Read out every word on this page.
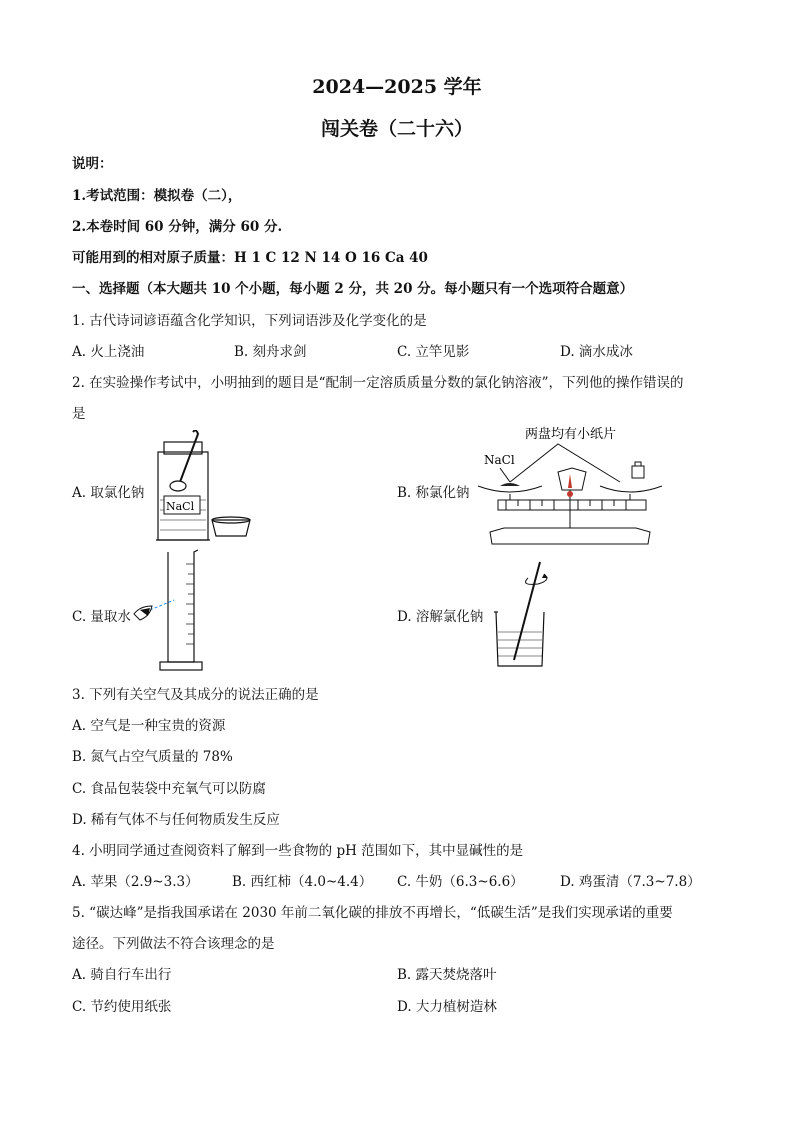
2024—2025 学年
闯关卷（二十六）
说明：
1.考试范围：模拟卷（二），
2.本卷时间 60 分钟，满分 60 分.
可能用到的相对原子质量：H 1 C 12 N 14 O 16 Ca 40
一、选择题（本大题共 10 个小题，每小题 2 分，共 20 分。每小题只有一个选项符合题意）
1. 古代诗词谚语蕴含化学知识，下列词语涉及化学变化的是
A. 火上浇油	B. 刻舟求剑	C. 立竿见影	D. 滴水成冰
2. 在实验操作考试中，小明抽到的题目是“配制一定溶质质量分数的氯化钠溶液”，下列他的操作错误的
是
A. 取氯化钠
NaCl
B. 称氯化钠
两盘均有小纸片
NaCl
C. 量取水	D. 溶解氯化钠
3. 下列有关空气及其成分的说法正确的是
A. 空气是一种宝贵的资源
B. 氮气占空气质量的 78%
C. 食品包装袋中充氧气可以防腐
D. 稀有气体不与任何物质发生反应
4. 小明同学通过查阅资料了解到一些食物的 pH 范围如下，其中显碱性的是
A. 苹果（2.9~3.3） B. 西红柿（4.0~4.4） C. 牛奶（6.3~6.6）	D. 鸡蛋清（7.3~7.8）
5. “碳达峰”是指我国承诺在 2030 年前二氧化碳的排放不再增长，“低碳生活”是我们实现承诺的重要
途径。下列做法不符合该理念的是
A. 骑自行车出行	B. 露天焚烧落叶
C. 节约使用纸张	D. 大力植树造林
